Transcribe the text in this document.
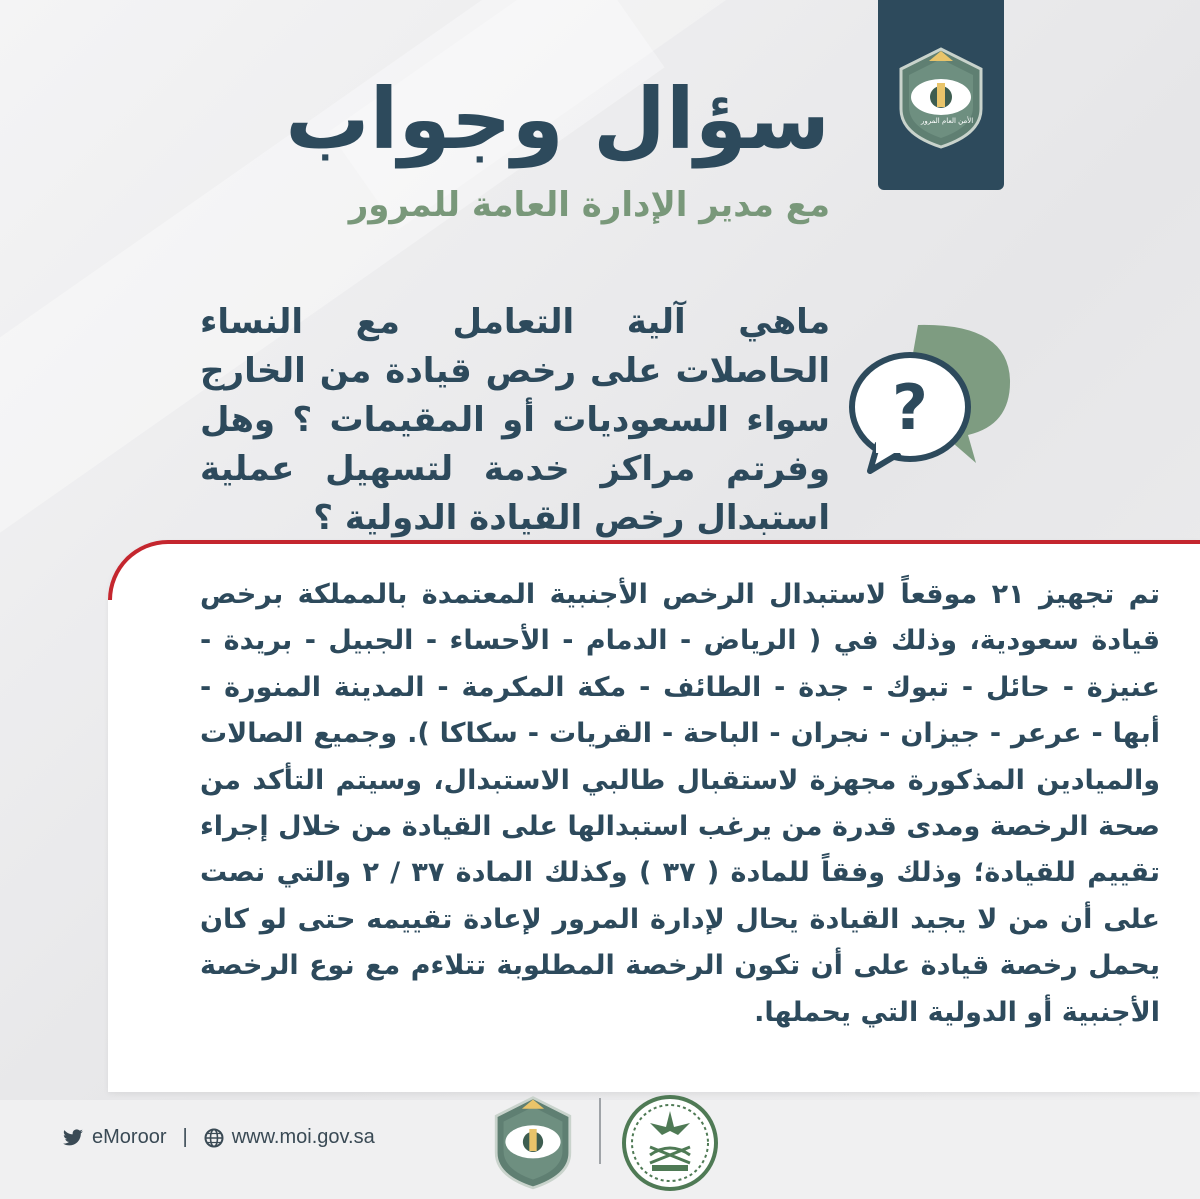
الأمن العام المرور
سؤال وجواب
مع مدير الإدارة العامة للمرور
?

ماهي آلية التعامل مع النساء الحاصلات على رخص قيادة من الخارج سواء السعوديات أو المقيمات ؟ وهل وفرتم مراكز خدمة لتسهيل عملية استبدال رخص القيادة الدولية ؟

تم تجهيز ٢١ موقعاً لاستبدال الرخص الأجنبية المعتمدة بالمملكة برخص قيادة سعودية، وذلك في ( الرياض - الدمام - الأحساء - الجبيل - بريدة - عنيزة - حائل - تبوك - جدة - الطائف - مكة المكرمة - المدينة المنورة - أبها - عرعر - جيزان - نجران - الباحة - القريات - سكاكا ). وجميع الصالات والميادين المذكورة مجهزة لاستقبال طالبي الاستبدال، وسيتم التأكد من صحة الرخصة ومدى قدرة من يرغب استبدالها على القيادة من خلال إجراء تقييم للقيادة؛ وذلك وفقاً للمادة ( ٣٧ ) وكذلك المادة ٣٧ / ٢ والتي نصت على أن من لا يجيد القيادة يحال لإدارة المرور لإعادة تقييمه حتى لو كان يحمل رخصة قيادة على أن تكون الرخصة المطلوبة تتلاءم مع نوع الرخصة الأجنبية أو الدولية التي يحملها.

eMoroor | www.moi.gov.sa
